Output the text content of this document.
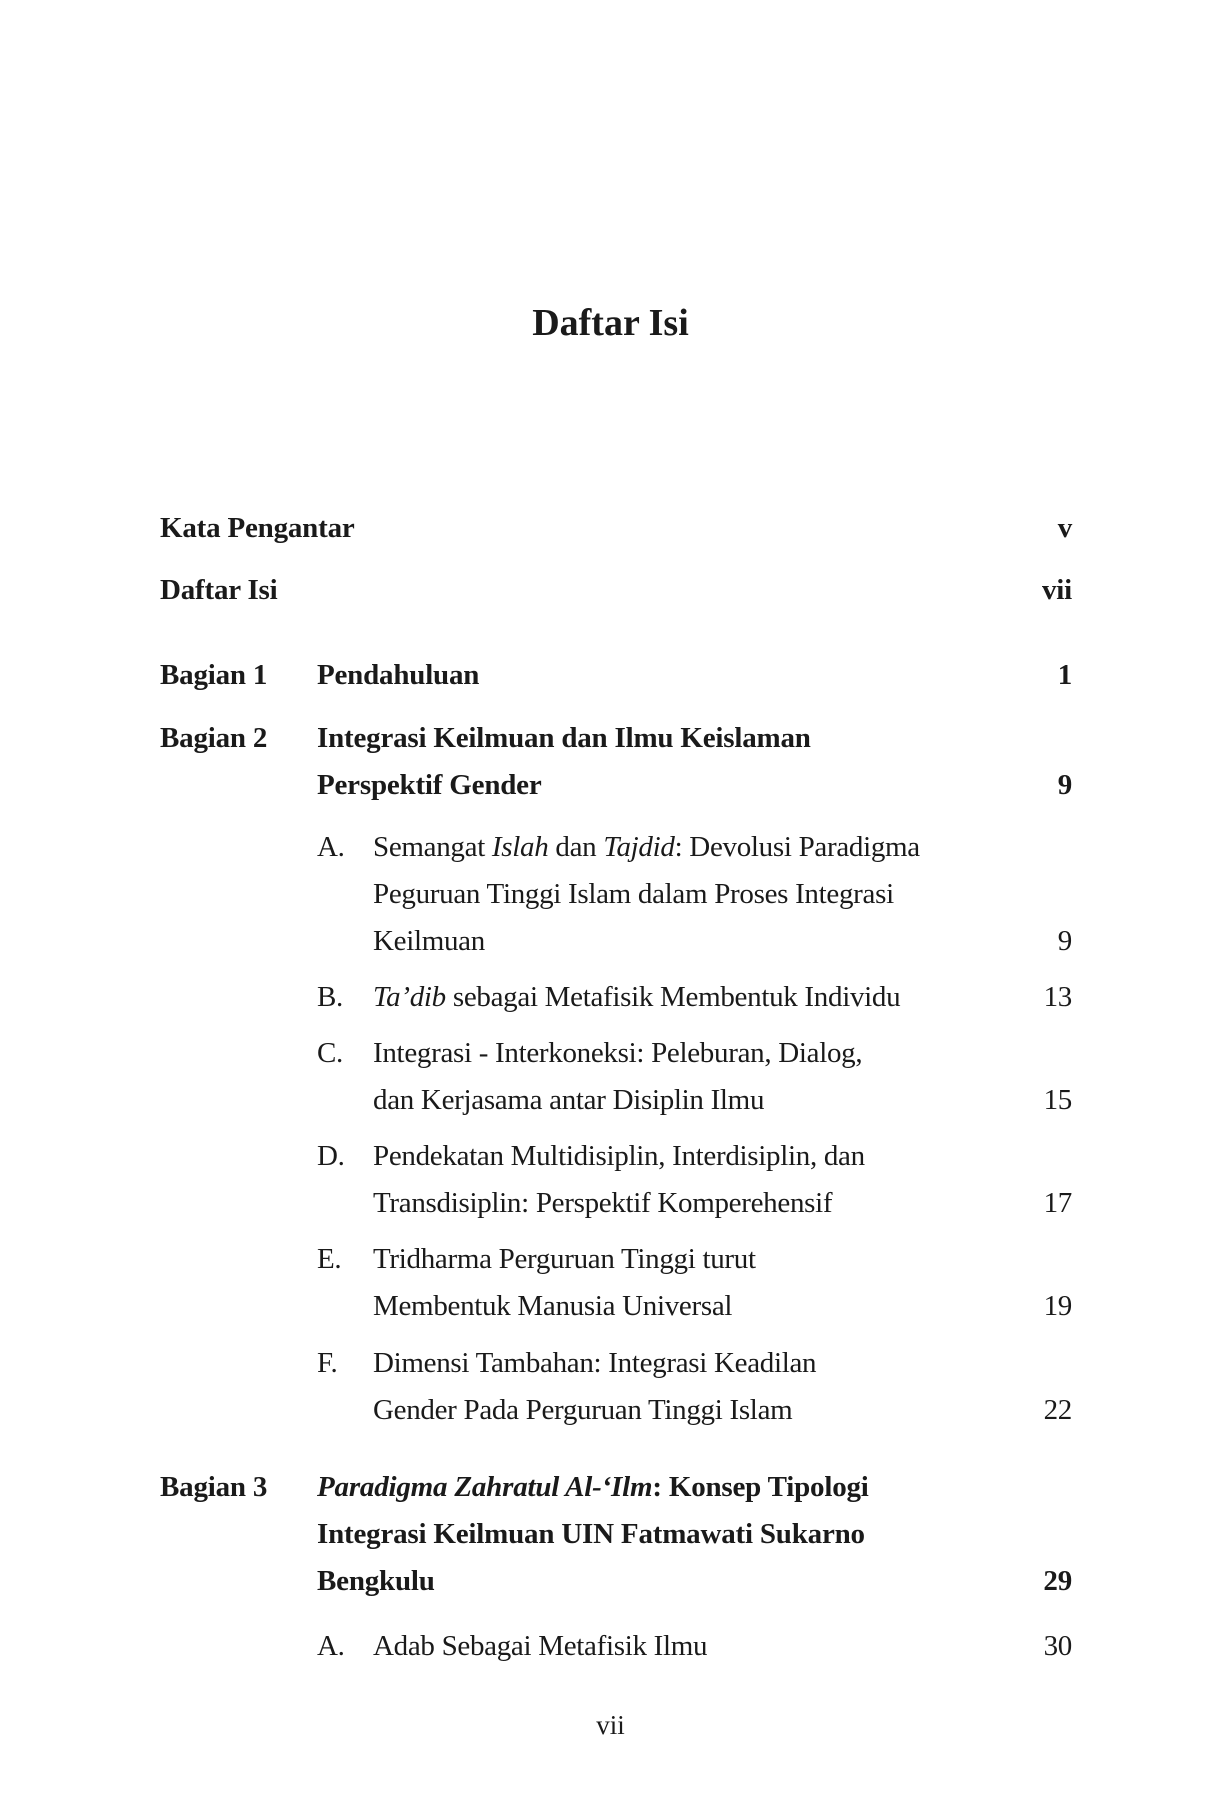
Daftar Isi
Kata Pengantar	v
Daftar Isi	vii
Bagian 1 Pendahuluan	1
Bagian 2 Integrasi Keilmuan dan Ilmu Keislaman
Perspektif Gender	9
A. Semangat Islah dan Tajdid: Devolusi Paradigma
Peguruan Tinggi Islam dalam Proses Integrasi
Keilmuan	9
B. Ta’dib sebagai Metafisik Membentuk Individu	13
C. Integrasi - Interkoneksi: Peleburan, Dialog,
dan Kerjasama antar Disiplin Ilmu	15
D. Pendekatan Multidisiplin, Interdisiplin, dan
Transdisiplin: Perspektif Komperehensif	17
E. Tridharma Perguruan Tinggi turut
Membentuk Manusia Universal	19
F. Dimensi Tambahan: Integrasi Keadilan
Gender Pada Perguruan Tinggi Islam	22
Bagian 3 Paradigma Zahratul Al-‘Ilm: Konsep Tipologi
Integrasi Keilmuan UIN Fatmawati Sukarno
Bengkulu	29
A. Adab Sebagai Metafisik Ilmu	30
vii
